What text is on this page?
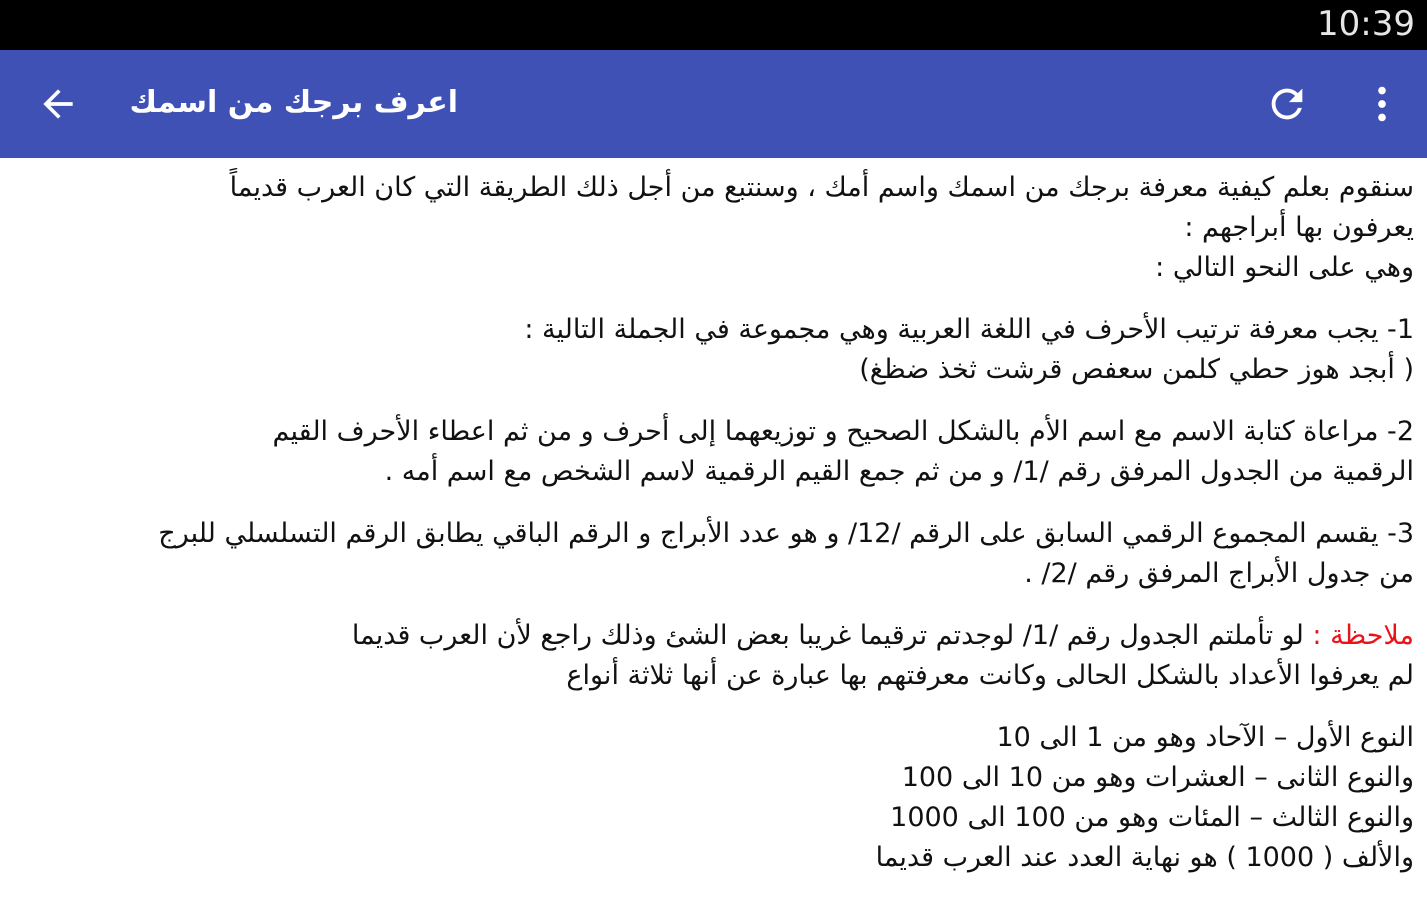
10:39
اعرف برجك من اسمك

سنقوم بعلم كيفية معرفة برجك من اسمك واسم أمك ، وسنتبع من أجل ذلك الطريقة التي كان العرب قديماً
يعرفون بها أبراجهم :
وهي على النحو التالي :

1- يجب معرفة ترتيب الأحرف في اللغة العربية وهي مجموعة في الجملة التالية :
( أبجد هوز حطي كلمن سعفص قرشت ثخذ ضظغ)

2- مراعاة كتابة الاسم مع اسم الأم بالشكل الصحيح و توزيعهما إلى أحرف و من ثم اعطاء الأحرف القيم
الرقمية من الجدول المرفق رقم /1/ و من ثم جمع القيم الرقمية لاسم الشخص مع اسم أمه .

3- يقسم المجموع الرقمي السابق على الرقم /12/ و هو عدد الأبراج و الرقم الباقي يطابق الرقم التسلسلي للبرج
من جدول الأبراج المرفق رقم /2/ .

ملاحظة : لو تأملتم الجدول رقم /1/ لوجدتم ترقيما غريبا بعض الشئ وذلك راجع لأن العرب قديما
لم يعرفوا الأعداد بالشكل الحالى وكانت معرفتهم بها عبارة عن أنها ثلاثة أنواع

النوع الأول – الآحاد وهو من 1 الى 10
والنوع الثانى – العشرات وهو من 10 الى 100
والنوع الثالث – المئات وهو من 100 الى 1000
والألف ( 1000 ) هو نهاية العدد عند العرب قديما
